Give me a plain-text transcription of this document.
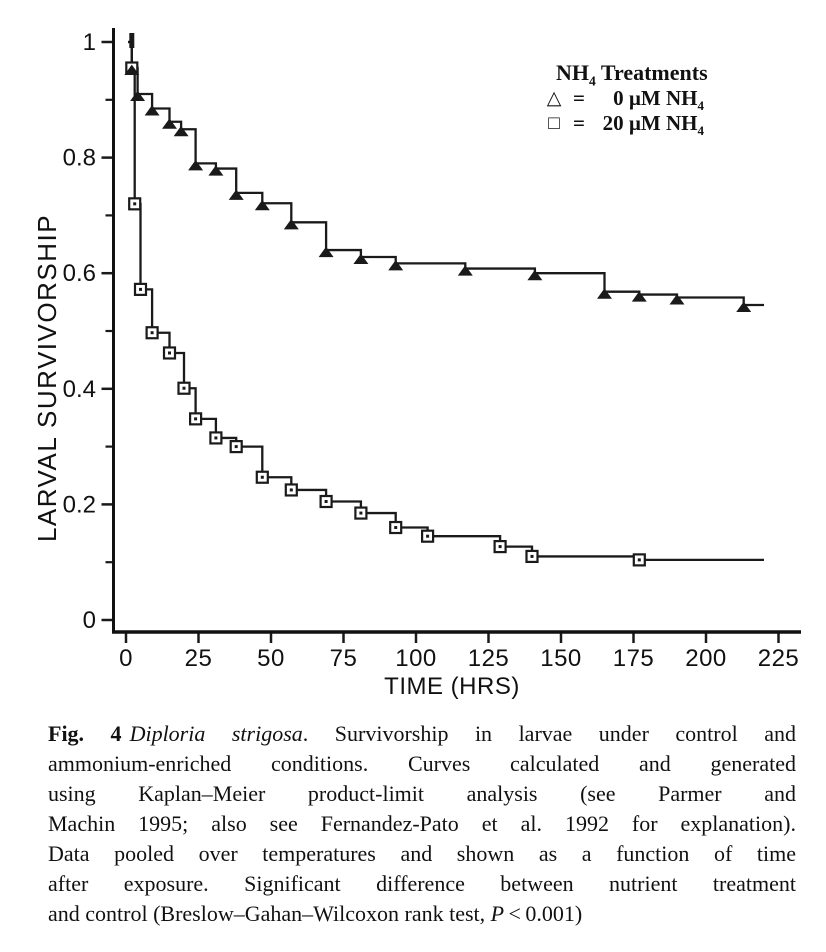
0 25 50 75 100 125 150 175 200 225
1
0.8
0.6
0.4
0.2
0
TIME (HRS)
LARVAL SURVIVORSHIP
$NH_4$ Treatments
△ =	0 µM $NH_4$
□ = 20 µM $NH_4$
Fig. 4 Diploria strigosa. Survivorship in larvae under control and
ammonium-enriched conditions. Curves calculated and generated
using Kaplan–Meier product-limit analysis (see Parmer and
Machin 1995; also see Fernandez-Pato et al. 1992 for explanation).
Data pooled over temperatures and shown as a function of time
after exposure. Significant difference between nutrient treatment
and control (Breslow–Gahan–Wilcoxon rank test, P < 0.001)
